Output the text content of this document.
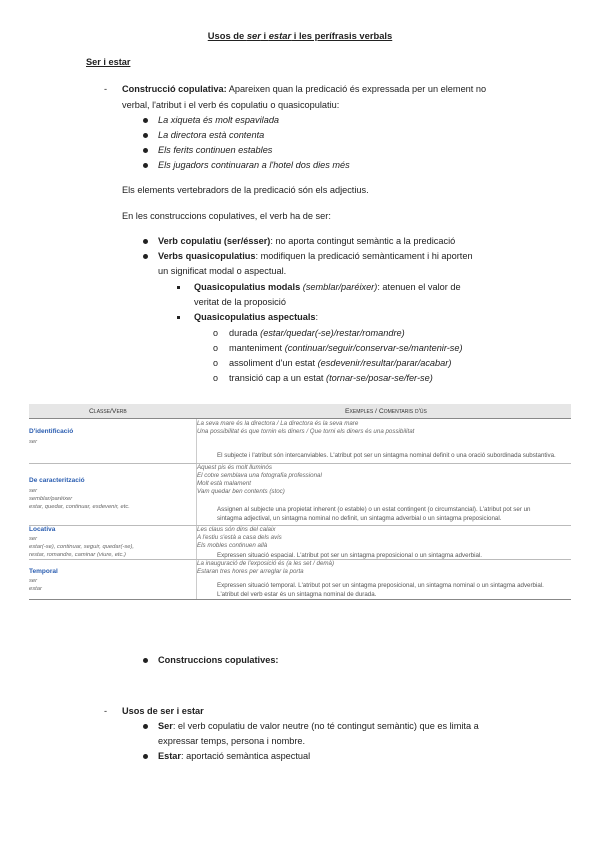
Usos de ser i estar i les perífrasis verbals
Ser i estar
- Construcció copulativa: Apareixen quan la predicació és expressada per un element no
verbal, l'atribut i el verb és copulatiu o quasicopulatiu:
La xiqueta és molt espavilada
La directora està contenta
Els ferits continuen estables
Els jugadors continuaran a l'hotel dos dies més
Els elements vertebradors de la predicació són els adjectius.
En les construccions copulatives, el verb ha de ser:
Verb copulatiu (ser/ésser): no aporta contingut semàntic a la predicació
Verbs quasicopulatius: modifiquen la predicació semànticament i hi aporten
un significat modal o aspectual.
Quasicopulatius modals (semblar/paréixer): atenuen el valor de
veritat de la proposició
Quasicopulatius aspectuals:
o durada (estar/quedar(-se)/restar/romandre)
o manteniment (continuar/seguir/conservar-se/mantenir-se)
o assoliment d'un estat (esdevenir/resultar/parar/acabar)
o transició cap a un estat (tornar-se/posar-se/fer-se)
Classe/Verb	Exemples / Comentaris d'ús
D'identificació
ser
La seva mare és la directora / La directora és la seva mare
Una possibilitat és que tornin els diners / Que torni els diners és una possibilitat
El subjecte i l'atribut són intercanviables. L'atribut pot ser un sintagma nominal definit o una oració subordinada substantiva.
De caracterització
ser
semblar/paréixer
estar, quedar, continuar, esdevenir, etc.
Aquest pis és molt lluminós
El cotxe semblava una fotografia professional
Molt està malament
Vam quedar ben contents (stoc)
Assignen al subjecte una propietat inherent (o estable) o un estat contingent (o circumstancial). L'atribut pot ser un
sintagma adjectival, un sintagma nominal no definit, un sintagma adverbial o un sintagma preposicional.
Locativa
ser
estar(-se), continuar, seguir, quedar(-se),
restar, romandre, caminar (viure, etc.)
Les claus són dins del calaix
A l'estiu s'està a casa dels avis
Els mobles continuen allà
Expressen situació espacial. L'atribut pot ser un sintagma preposicional o un sintagma adverbial.
Temporal
ser
estar
La inauguració de l'exposició és (a les set / demà)
Estaran tres hores per arreglar la porta
Expressen situació temporal. L'atribut pot ser un sintagma preposicional, un sintagma nominal o un sintagma adverbial.
L'atribut del verb estar és un sintagma nominal de durada.
Construccions copulatives:
- Usos de ser i estar
Ser: el verb copulatiu de valor neutre (no té contingut semàntic) que es limita a
expressar temps, persona i nombre.
Estar: aportació semàntica aspectual
